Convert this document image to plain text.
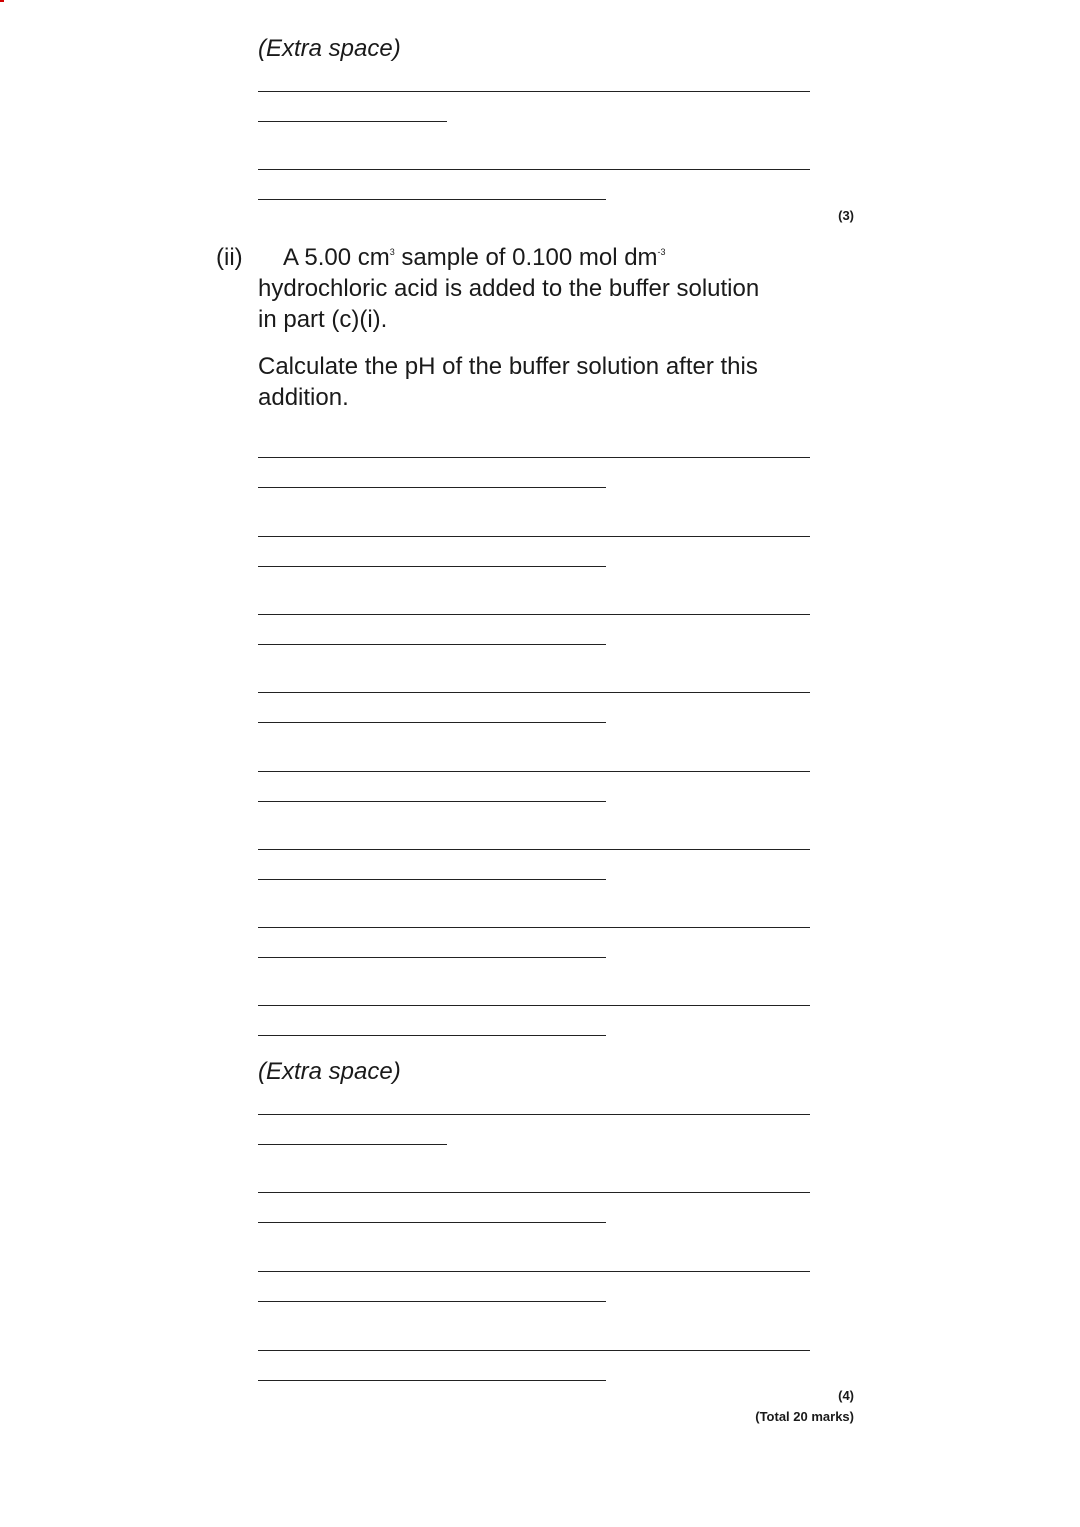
(Extra space)
(3)
(ii) A 5.00 $cm^3$ sample of 0.100 mol $dm^{-3}$
hydrochloric acid is added to the buffer solution
in part (c)(i).
Calculate the pH of the buffer solution after this
addition.
(Extra space)
(4)
(Total 20 marks)
